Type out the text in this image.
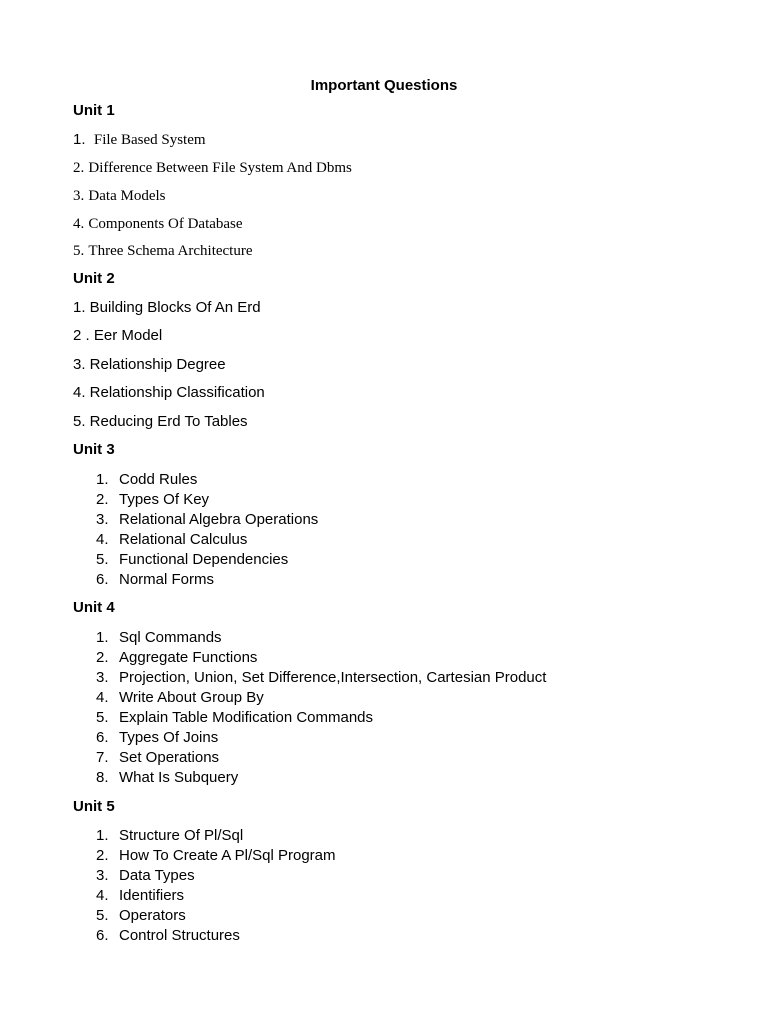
Important Questions
Unit 1
1. File Based System
2. Difference Between File System And Dbms
3. Data Models
4. Components Of Database
5. Three Schema Architecture
Unit 2
1. Building Blocks Of An Erd
2 . Eer Model
3. Relationship Degree
4. Relationship Classification
5. Reducing Erd To Tables
Unit 3
1. Codd Rules
2. Types Of Key
3. Relational Algebra Operations
4. Relational Calculus
5. Functional Dependencies
6. Normal Forms
Unit 4
1. Sql Commands
2. Aggregate Functions
3. Projection, Union, Set Difference,Intersection, Cartesian Product
4. Write About Group By
5. Explain Table Modification Commands
6. Types Of Joins
7. Set Operations
8. What Is Subquery
Unit 5
1. Structure Of Pl/Sql
2. How To Create A Pl/Sql Program
3. Data Types
4. Identifiers
5. Operators
6. Control Structures
